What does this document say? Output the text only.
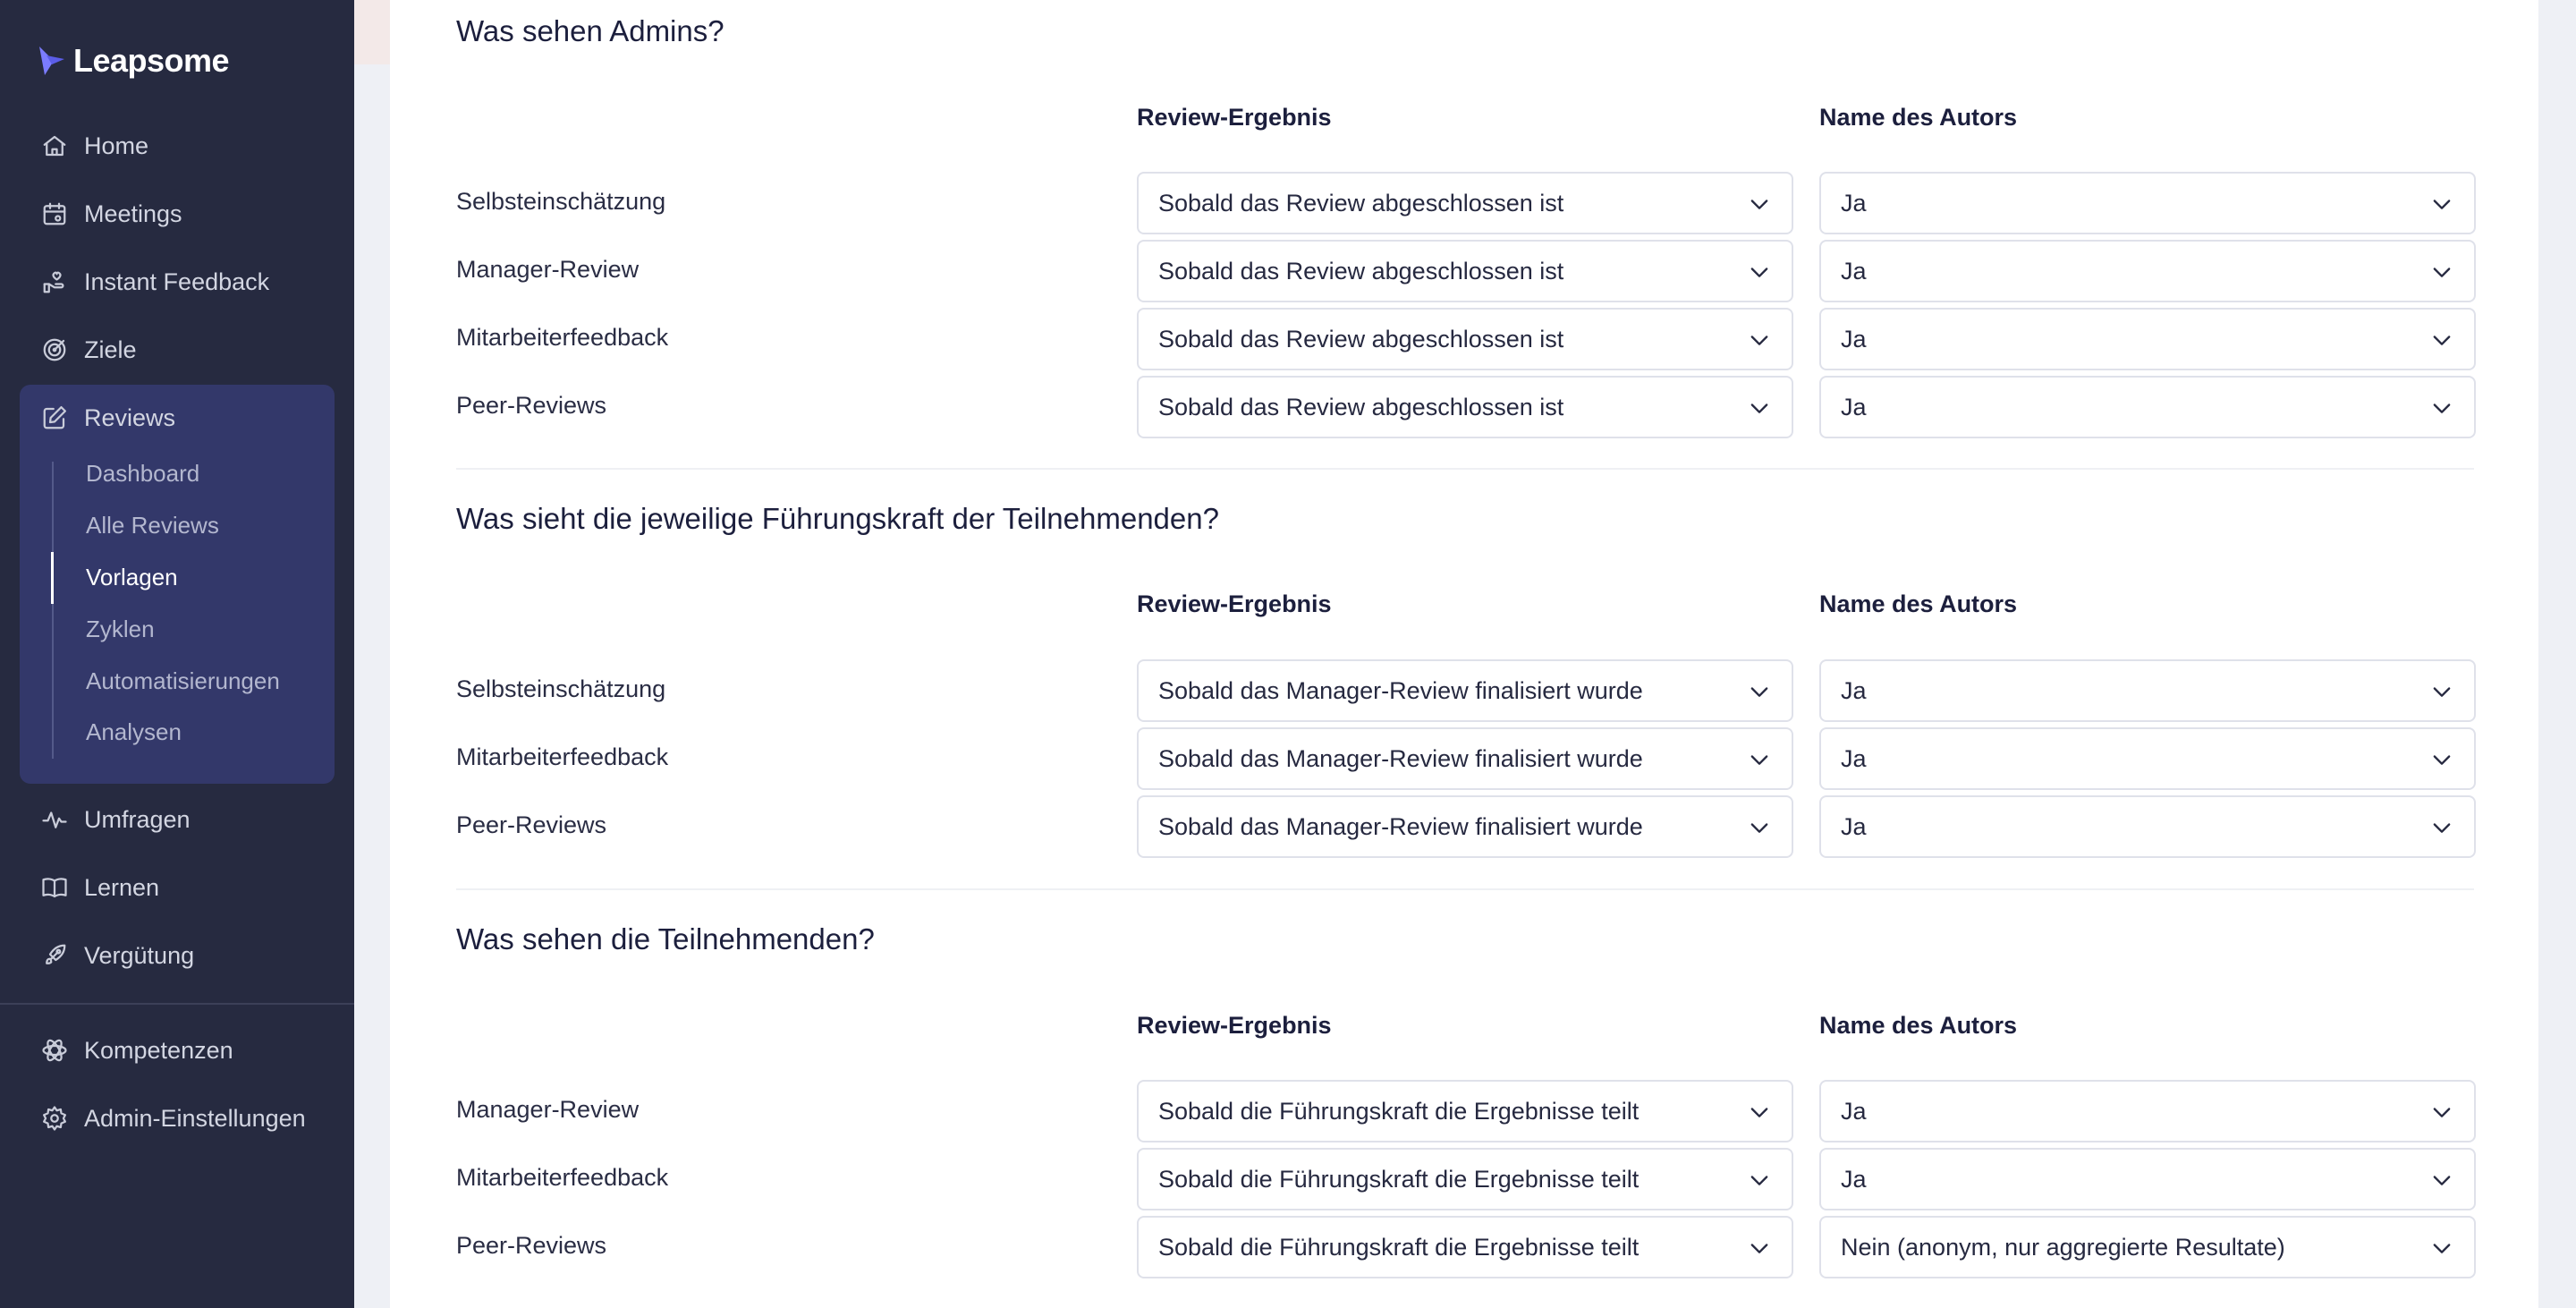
Leapsome
Home
Meetings
Instant Feedback
Ziele
Reviews
Dashboard
Alle Reviews
Vorlagen
Zyklen
Automatisierungen
Analysen
Umfragen
Lernen
Vergütung
Kompetenzen
Admin-Einstellungen
Was sehen Admins?
Review-Ergebnis	Name des Autors
Selbsteinschätzung	Sobald das Review abgeschlossen ist	Ja
Manager-Review	Sobald das Review abgeschlossen ist	Ja
Mitarbeiterfeedback	Sobald das Review abgeschlossen ist	Ja
Peer-Reviews	Sobald das Review abgeschlossen ist	Ja
Was sieht die jeweilige Führungskraft der Teilnehmenden?
Review-Ergebnis	Name des Autors
Selbsteinschätzung	Sobald das Manager-Review finalisiert wurde	Ja
Mitarbeiterfeedback	Sobald das Manager-Review finalisiert wurde	Ja
Peer-Reviews	Sobald das Manager-Review finalisiert wurde	Ja
Was sehen die Teilnehmenden?
Review-Ergebnis	Name des Autors
Manager-Review	Sobald die Führungskraft die Ergebnisse teilt	Ja
Mitarbeiterfeedback	Sobald die Führungskraft die Ergebnisse teilt	Ja
Peer-Reviews	Sobald die Führungskraft die Ergebnisse teilt	Nein (anonym, nur aggregierte Resultate)
